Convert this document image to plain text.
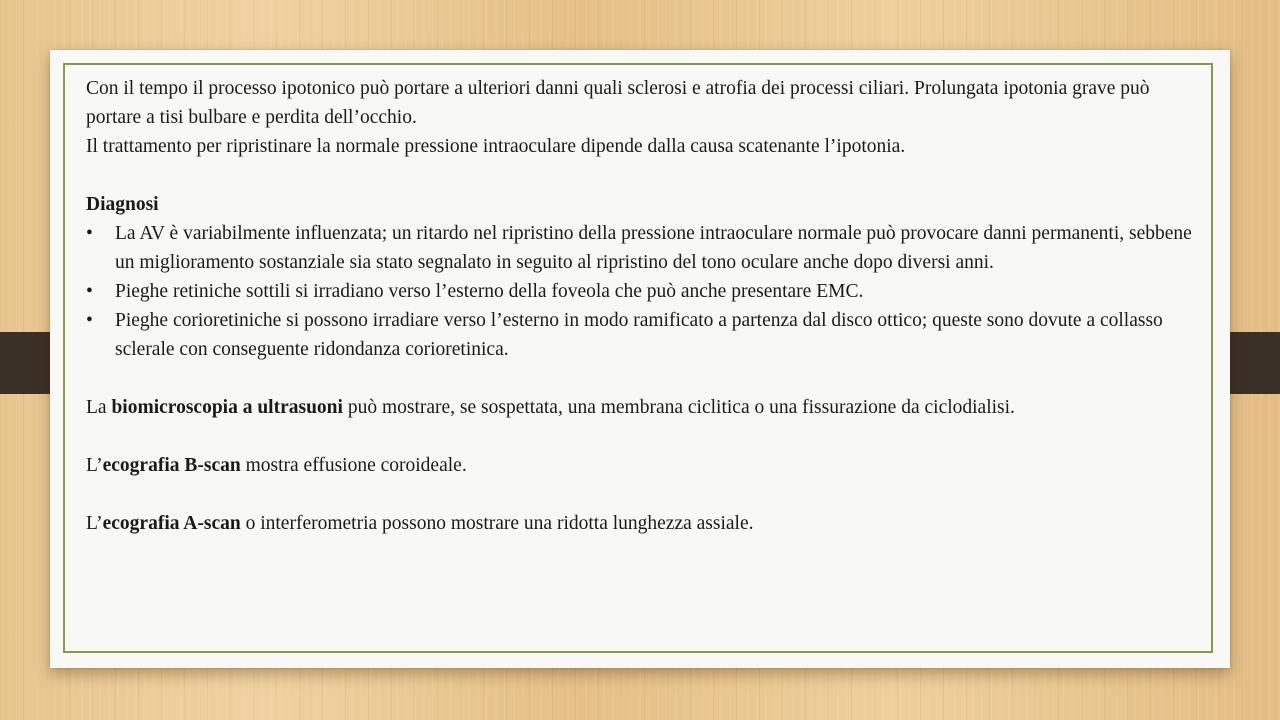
Con il tempo il processo ipotonico può portare a ulteriori danni quali sclerosi e atrofia dei processi ciliari. Prolungata ipotonia grave può portare a tisi bulbare e perdita dell’occhio.

Il trattamento per ripristinare la normale pressione intraoculare dipende dalla causa scatenante l’ipotonia.

Diagnosi

•	La AV è variabilmente influenzata; un ritardo nel ripristino della pressione intraoculare normale può provocare danni permanenti, sebbene un miglioramento sostanziale sia stato segnalato in seguito al ripristino del tono oculare anche dopo diversi anni.
•	Pieghe retiniche sottili si irradiano verso l’esterno della foveola che può anche presentare EMC.
•	Pieghe corioretiniche si possono irradiare verso l’esterno in modo ramificato a partenza dal disco ottico; queste sono dovute a collasso sclerale con conseguente ridondanza corioretinica.

La biomicroscopia a ultrasuoni può mostrare, se sospettata, una membrana ciclitica o una fissurazione da ciclodialisi.

L’ecografia B-scan mostra effusione coroideale.

L’ecografia A-scan o interferometria possono mostrare una ridotta lunghezza assiale.
